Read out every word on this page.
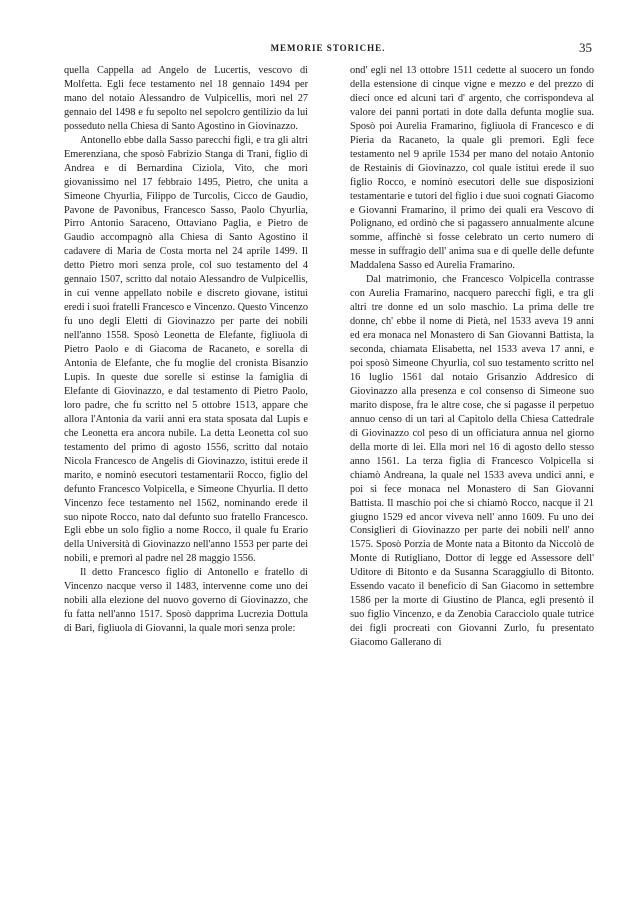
MEMORIE STORICHE.	35

quella Cappella ad Angelo de Lucertis, vescovo di Molfetta. Egli fece testamento nel 18 gennaio 1494 per mano del notaio Alessandro de Vulpicellis, morì nel 27 gennaio del 1498 e fu sepolto nel sepolcro gentilizio da lui posseduto nella Chiesa di Santo Agostino in Giovinazzo.

Antonello ebbe dalla Sasso parecchi figli, e tra gli altri Emerenziana, che sposò Fabrizio Stanga di Trani, figlio di Andrea e di Bernardina Ciziola, Vito, che morì giovanissimo nel 17 febbraio 1495, Pietro, che unita a Simeone Chyurlia, Filippo de Turcolis, Cicco de Gaudio, Pavone de Pavonibus, Francesco Sasso, Paolo Chyurlia, Pirro Antonio Saraceno, Ottaviano Paglia, e Pietro de Gaudio accompagnò alla Chiesa di Santo Agostino il cadavere di Maria de Costa morta nel 24 aprile 1499. Il detto Pietro morì senza prole, col suo testamento del 4 gennaio 1507, scritto dal notaio Alessandro de Vulpicellis, in cui venne appellato nobile e discreto giovane, istituì eredi i suoi fratelli Francesco e Vincenzo. Questo Vincenzo fu uno degli Eletti di Giovinazzo per parte dei nobili nell'anno 1558. Sposò Leonetta de Elefante, figliuola di Pietro Paolo e di Giacoma de Racaneto, e sorella di Antonia de Elefante, che fu moglie del cronista Bisanzio Lupis. In queste due sorelle si estinse la famiglia di Elefante di Giovinazzo, e dal testamento di Pietro Paolo, loro padre, che fu scritto nel 5 ottobre 1513, appare che allora l'Antonia da varii anni era stata sposata dal Lupis e che Leonetta era ancora nubile. La detta Leonetta col suo testamento del primo di agosto 1556, scritto dal notaio Nicola Francesco de Angelis di Giovinazzo, istituì erede il marito, e nominò esecutori testamentarii Rocco, figlio del defunto Francesco Volpicella, e Simeone Chyurlia. Il detto Vincenzo fece testamento nel 1562, nominando erede il suo nipote Rocco, nato dal defunto suo fratello Francesco. Egli ebbe un solo figlio a nome Rocco, il quale fu Erario della Università di Giovinazzo nell'anno 1553 per parte dei nobili, e premorì al padre nel 28 maggio 1556.

Il detto Francesco figlio di Antonello e fratello di Vincenzo nacque verso il 1483, intervenne come uno dei nobili alla elezione del nuovo governo di Giovinazzo, che fu fatta nell'anno 1517. Sposò dapprima Lucrezia Dottula di Bari, figliuola di Giovanni, la quale morì senza prole:

ond' egli nel 13 ottobre 1511 cedette al suocero un fondo della estensione di cinque vigne e mezzo e del prezzo di dieci once ed alcuni tarì d' argento, che corrispondeva al valore dei panni portati in dote dalla defunta moglie sua. Sposò poi Aurelia Framarino, figliuola di Francesco e di Pieria da Racaneto, la quale gli premorì. Egli fece testamento nel 9 aprile 1534 per mano del notaio Antonio de Restainis di Giovinazzo, col quale istituì erede il suo figlio Rocco, e nominò esecutori delle sue disposizioni testamentarie e tutori del figlio i due suoi cognati Giacomo e Giovanni Framarino, il primo dei quali era Vescovo di Polignano, ed ordinò che si pagassero annualmente alcune somme, affinchè si fosse celebrato un certo numero di messe in suffragio dell' anima sua e di quelle delle defunte Maddalena Sasso ed Aurelia Framarino.

Dal matrimonio, che Francesco Volpicella contrasse con Aurelia Framarino, nacquero parecchi figli, e tra gli altri tre donne ed un solo maschio. La prima delle tre donne, ch' ebbe il nome di Pietà, nel 1533 aveva 19 anni ed era monaca nel Monastero di San Giovanni Battista, la seconda, chiamata Elisabetta, nel 1533 aveva 17 anni, e poi sposò Simeone Chyurlia, col suo testamento scritto nel 16 luglio 1561 dal notaio Grisanzio Addresico di Giovinazzo alla presenza e col consenso di Simeone suo marito dispose, fra le altre cose, che si pagasse il perpetuo annuo censo di un tarì al Capitolo della Chiesa Cattedrale di Giovinazzo col peso di un officiatura annua nel giorno della morte di lei. Ella morì nel 16 di agosto dello stesso anno 1561. La terza figlia di Francesco Volpicella si chiamò Andreana, la quale nel 1533 aveva undici anni, e poi si fece monaca nel Monastero di San Giovanni Battista. Il maschio poi che si chiamò Rocco, nacque il 21 giugno 1529 ed ancor viveva nell' anno 1609. Fu uno dei Consiglieri di Giovinazzo per parte dei nobili nell' anno 1575. Sposò Porzia de Monte nata a Bitonto da Niccolò de Monte di Rutigliano, Dottor di legge ed Assessore dell' Uditore di Bitonto e da Susanna Scaraggiullo di Bitonto. Essendo vacato il beneficio di San Giacomo in settembre 1586 per la morte di Giustino de Planca, egli presentò il suo figlio Vincenzo, e da Zenobia Caracciolo quale tutrice dei figli procreati con Giovanni Zurlo, fu presentato Giacomo Gallerano di
